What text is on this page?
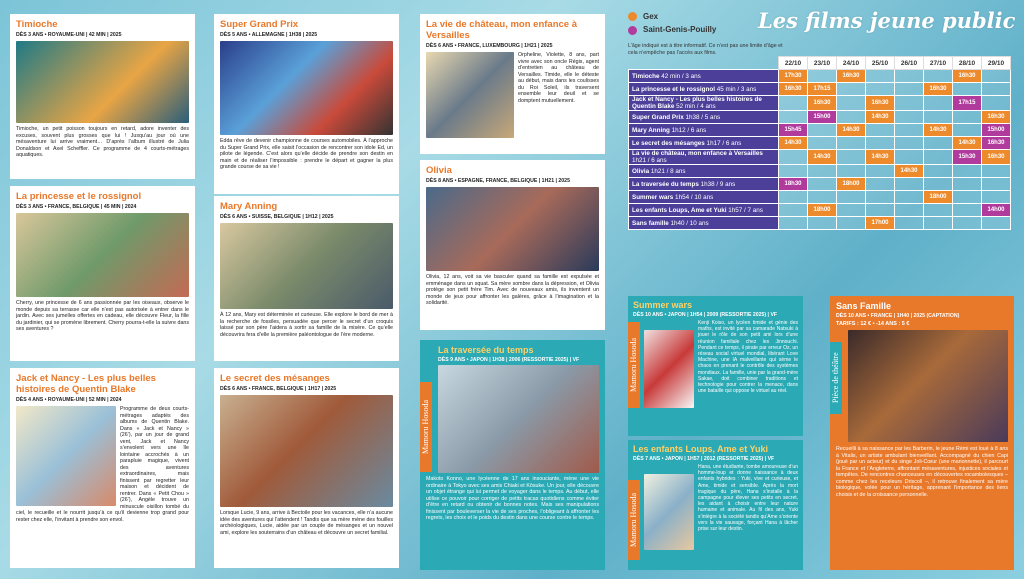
Timioche
DÈS 3 ANS • ROYAUME-UNI | 42 MIN | 2025
Timioche, un petit poisson toujours en retard, adore inventer des excuses, souvent plus grosses que lui ! Jusqu’au jour où une mésaventure lui arrive vraiment… D’après l’album illustré de Julia Donaldson et Axel Scheffler. Ce programme de 4 courts-métrages aquatiques.
La princesse et le rossignol
DÈS 3 ANS • FRANCE, BELGIQUE | 45 MIN | 2024
Cherry, une princesse de 6 ans passionnée par les oiseaux, observe le monde depuis sa terrasse car elle n’est pas autorisée à entrer dans le jardin. Avec ses jumelles offertes en cadeau, elle découvre Fleur, la fille du jardinier, qui se promène librement. Cherry pourra-t-elle la suivre dans ses aventures ?
Jack et Nancy - Les plus belles histoires de Quentin Blake
DÈS 4 ANS • ROYAUME-UNI | 52 MIN | 2024
Programme de deux courts-métrages adaptés des albums de Quentin Blake. Dans « Jack et Nancy » (26’), par un jour de grand vent, Jack et Nancy s’envolent vers une île lointaine accrochés à un parapluie magique, vivent des aventures extraordinaires, mais finissent par regretter leur maison et décident de rentrer. Dans « Petit Chou » (26’), Angèle trouve un minuscule oisillon tombé du ciel, le recueille et le nourrit jusqu’à ce qu’il devienne trop grand pour rester chez elle, l’invitant à prendre son envol.
Super Grand Prix
DÈS 5 ANS • ALLEMAGNE | 1H38 | 2025
Edda rêve de devenir championne de courses automobiles. À l’approche du Super Grand Prix, elle saisit l’occasion de rencontrer son idole Ed, un pilote de légende. C’est alors qu’elle décide de prendre son destin en main et de réaliser l’impossible : prendre le départ et gagner la plus grande course de sa vie !
Mary Anning
DÈS 6 ANS • SUISSE, BELGIQUE | 1H12 | 2025
À 12 ans, Mary est déterminée et curieuse. Elle explore le bord de mer à la recherche de fossiles, persuadée que percer le secret d’un croquis laissé par son père l’aidera à sortir sa famille de la misère. Ce qu’elle découvrira fera d’elle la première paléontologue de l’ère moderne.
Le secret des mésanges
DÈS 6 ANS • FRANCE, BELGIQUE | 1H17 | 2025
Lorsque Lucie, 9 ans, arrive à Bectoile pour les vacances, elle n’a aucune idée des aventures qui l’attendent ! Tandis que sa mère mène des fouilles archéologiques, Lucie, aidée par un couple de mésanges et un nouvel ami, explore les souterrains d’un château et découvre un secret familial.
La vie de château, mon enfance à Versailles
DÈS 6 ANS • FRANCE, LUXEMBOURG | 1H21 | 2025
Orpheline, Violette, 8 ans, part vivre avec son oncle Régis, agent d’entretien au château de Versailles. Timide, elle le déteste au début, mais dans les coulisses du Roi Soleil, ils traversent ensemble leur deuil et se domptent mutuellement.
Olivia
DÈS 8 ANS • ESPAGNE, FRANCE, BELGIQUE | 1H21 | 2025
Olivia, 12 ans, voit sa vie basculer quand sa famille est expulsée et emménage dans un squat. Sa mère sombre dans la dépression, et Olivia protège son petit frère Tim. Avec de nouveaux amis, ils inventent un monde de jeux pour affronter les galères, grâce à l’imagination et la solidarité.
Mamoru Hosoda
La traversée du temps
DÈS 9 ANS • JAPON | 1H38 | 2006 (RESSORTIE 2025) | VF
Makoto Konno, une lycéenne de 17 ans insouciante, mène une vie ordinaire à Tokyo avec ses amis Chiaki et Kōsuke. Un jour, elle découvre un objet étrange qui lui permet de voyager dans le temps. Au début, elle utilise ce pouvoir pour corriger de petits tracas quotidiens comme éviter d’être en retard ou obtenir de bonnes notes. Mais ses manipulations finissent par bouleverser la vie de ses proches, l’obligeant à affronter les regrets, les choix et le poids du destin dans une course contre le temps.
Gex
Saint-Genis-Pouilly Les films jeune public
L’âge indiqué est à titre informatif. Ce n’est pas une limite d’âge et cela n’empêche pas l’accès aux films.
	22/10	23/10	24/10	25/10	26/10	27/10	28/10	29/10
Timioche 42 min / 3 ans	17h30		16h30				16h30	
La princesse et le rossignol 45 min / 3 ans	16h30	17h15				16h30		
Jack et Nancy - Les plus belles histoires de Quentin Blake 52 min / 4 ans		16h30		16h30			17h15	
Super Grand Prix 1h38 / 5 ans		15h00		14h30				16h30
Mary Anning 1h12 / 6 ans	15h45		14h30			14h30		15h00
Le secret des mésanges 1h17 / 6 ans	14h30						14h30	16h30
La vie de château, mon enfance à Versailles 1h21 / 6 ans		14h30		14h30			15h30	16h30
Olivia 1h21 / 8 ans					14h30			
La traversée du temps 1h38 / 9 ans	18h30		18h00					
Summer wars 1h54 / 10 ans						18h00		
Les enfants Loups, Ame et Yuki 1h57 / 7 ans		18h00						14h00
Sans famille 1h40 / 10 ans				17h00				
Mamoru Hosoda
Summer wars
DÈS 10 ANS • JAPON | 1H54 | 2009 (RESSORTIE 2025) | VF
Kenji Koiso, un lycéen timide et génie des maths, est invité par sa camarade Natsuki à jouer le rôle de son petit ami lors d’une réunion familiale chez les Jinnouchi. Pendant ce temps, il pirate par erreur Oz, un réseau social virtuel mondial, libérant Love Machine, une IA malveillante qui sème le chaos en prenant le contrôle des systèmes mondiaux. La famille, unie par la grand-mère Sakae, doit combiner traditions et technologie pour contrer la menace, dans une bataille qui oppose le virtuel au réel.
Mamoru Hosoda
Les enfants Loups, Ame et Yuki
DÈS 7 ANS • JAPON | 1H57 | 2012 (RESSORTIE 2025) | VF
Hana, une étudiante, tombe amoureuse d’un homme-loup et donne naissance à deux enfants hybrides : Yuki, vive et curieuse, et Ame, timide et sensible. Après la mort tragique du père, Hana s’installe à la campagne pour élever ses petits en secret, les aidant à choisir entre leur nature humaine et animale. Au fil des ans, Yuki s’intègre à la société tandis qu’Ame s’oriente vers la vie sauvage, forçant Hana à lâcher prise sur leur destin.
Pièce de théâtre
Sans Famille
DÈS 10 ANS • FRANCE | 1H40 | 2025 (CAPTATION)
TARIFS : 12 € • -14 ANS : 5 €
Recueilli à sa naissance par les Barberin, le jeune Rémi est loué à 8 ans à Vitalis, un artiste ambulant bienveillant. Accompagné du chien Capi (joué par un acteur) et du singe Joli-Cœur (une marionnette), il parcourt la France et l’Angleterre, affrontant mésaventures, injustices sociales et tempêtes. De rencontres chanceuses en découvertes rocambolesques – comme chez les receleurs Driscoll –, il retrouve finalement sa mère biologique, volée pour un héritage, apprenant l’importance des liens choisis et de la croissance personnelle.
